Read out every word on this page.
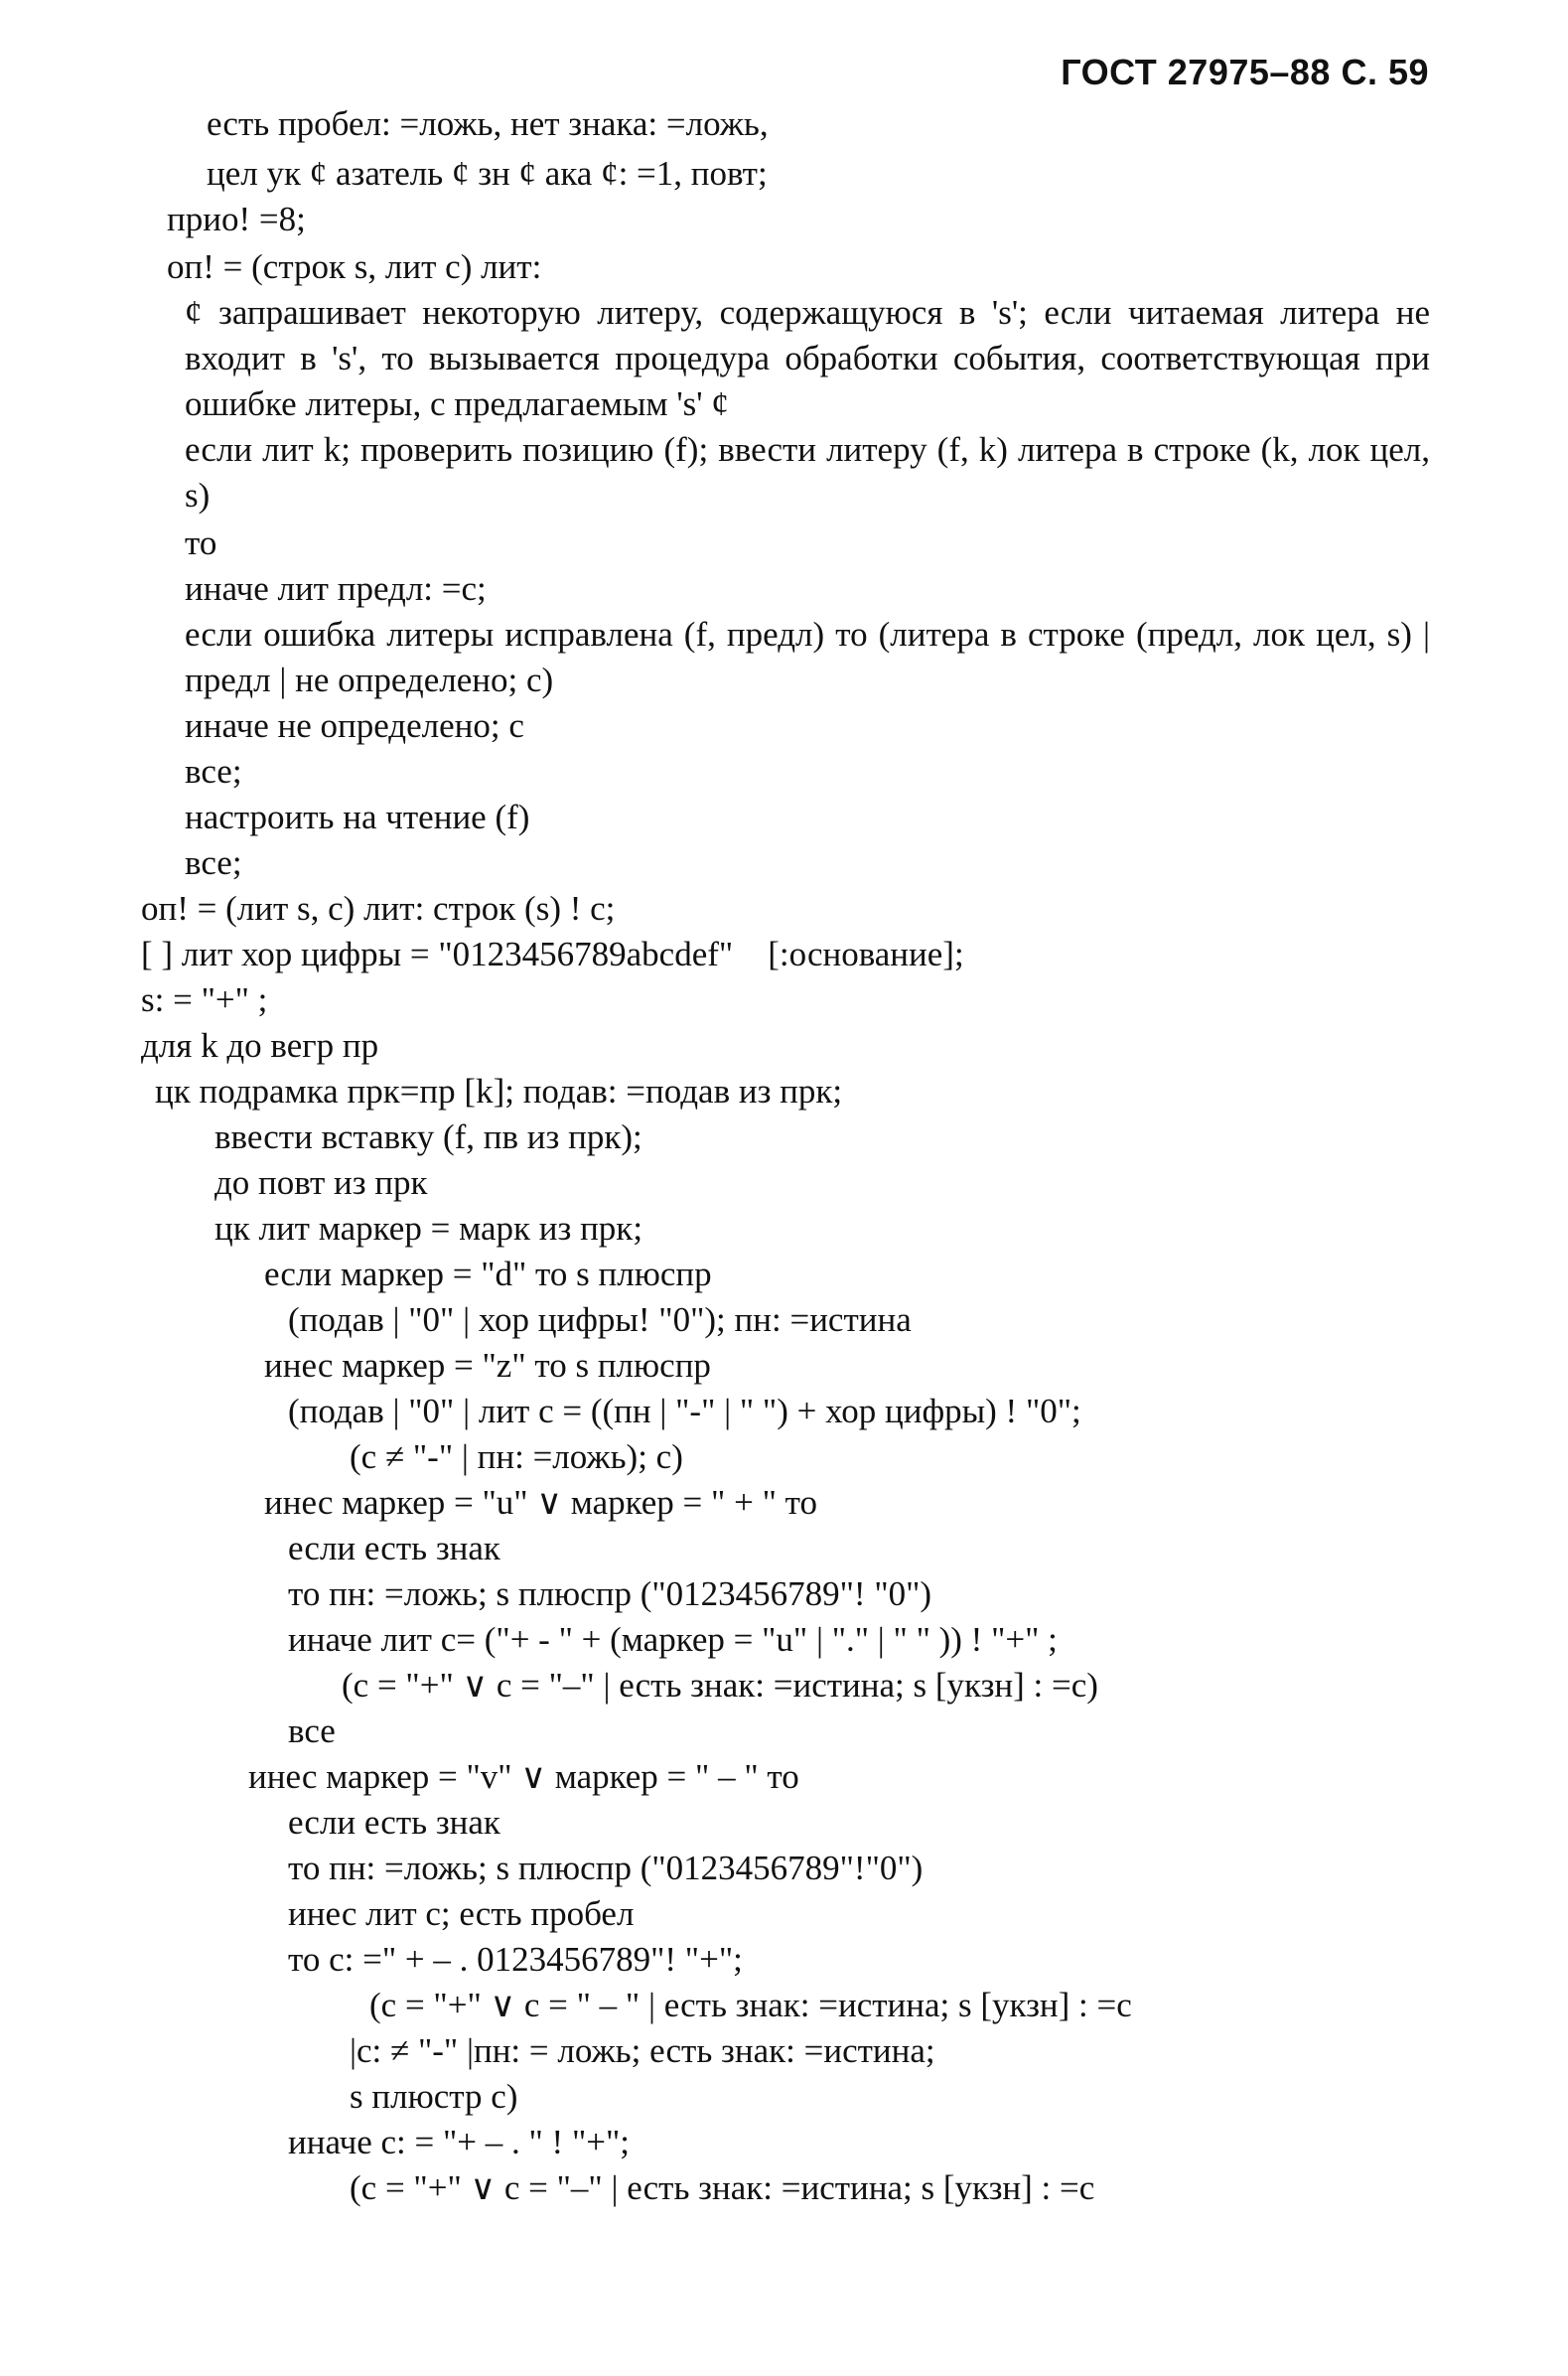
ГОСТ 27975–88 С. 59
есть пробел: =ложь, нет знака: =ложь,
цел ук ¢ азатель ¢ зн ¢ ака ¢: =1, повт;
прио! =8;
оп! = (строк s, лит с) лит:
¢ запрашивает некоторую литеру, содержащуюся в 's'; если читаемая литера не входит в 's', то вызывается процедура обработки события, соответствующая при ошибке литеры, с предлагаемым 's' ¢
если лит k; проверить позицию (f); ввести литеру (f, k) литера в строке (k, лок цел, s)
то
иначе лит предл: =с;
если ошибка литеры исправлена (f, предл) то (литера в строке (предл, лок цел, s) | предл | не определено; с)
иначе не определено; с
все;
настроить на чтение (f)
все;
оп! = (лит s, с) лит: строк (s) ! с;
[ ] лит хор цифры = "0123456789abcdef"    [:основание];
s: = "+" ;
для k до вегр пр
цк подрамка прк=пр [k]; подав: =подав из прк;
ввести вставку (f, пв из прк);
до повт из прк
цк лит маркер = марк из прк;
если маркер = "d" то s плюспр
(подав | "0" | хор цифры! "0"); пн: =истина
инес маркер = "z" то s плюспр
(подав | "0" | лит с = ((пн | "-" | " ") + хор цифры) ! "0";
(с ≠ "-" | пн: =ложь); с)
инес маркер = "u" ∨ маркер = " + " то
если есть знак
то пн: =ложь; s плюспр ("0123456789"! "0")
иначе лит с= ("+ - " + (маркер = "u" | "." | " " )) ! "+" ;
(с = "+" ∨ с = "–" | есть знак: =истина; s [укзн] : =с)
все
инес маркер = "v" ∨ маркер = " – " то
если есть знак
то пн: =ложь; s плюспр ("0123456789"!"0")
инес лит с; есть пробел
то с: =" + – . 0123456789"! "+";
(с = "+" ∨ с = " – " | есть знак: =истина; s [укзн] : =с
|с: ≠ "-" |пн: = ложь; есть знак: =истина;
s плюстр с)
иначе с: = "+ – . " ! "+";
(с = "+" ∨ с = "–" | есть знак: =истина; s [укзн] : =с
